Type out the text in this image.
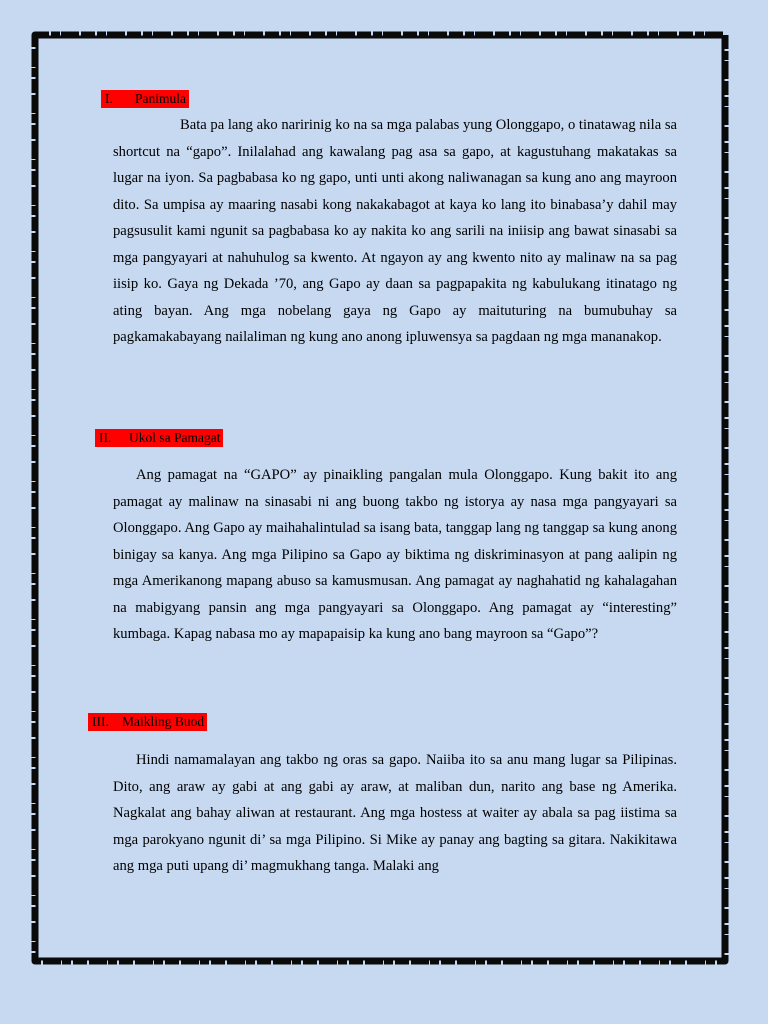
I. Panimula

Bata pa lang ako naririnig ko na sa mga palabas yung Olonggapo, o tinatawag nila sa shortcut na “gapo”. Inilalahad ang kawalang pag asa sa gapo, at kagustuhang makatakas sa lugar na iyon. Sa pagbabasa ko ng gapo, unti unti akong naliwanagan sa kung ano ang mayroon dito. Sa umpisa ay maaring nasabi kong nakakabagot at kaya ko lang ito binabasa’y dahil may pagsusulit kami ngunit sa pagbabasa ko ay nakita ko ang sarili na iniisip ang bawat sinasabi sa mga pangyayari at nahuhulog sa kwento. At ngayon ay ang kwento nito ay malinaw na sa pag iisip ko. Gaya ng Dekada ’70, ang Gapo ay daan sa pagpapakita ng kabulukang itinatago ng ating bayan. Ang mga nobelang gaya ng Gapo ay maituturing na bumubuhay sa pagkamakabayang nailaliman ng kung ano anong ipluwensya sa pagdaan ng mga mananakop.

II. Ukol sa Pamagat

Ang pamagat na “GAPO” ay pinaikling pangalan mula Olonggapo. Kung bakit ito ang pamagat ay malinaw na sinasabi ni ang buong takbo ng istorya ay nasa mga pangyayari sa Olonggapo. Ang Gapo ay maihahalintulad sa isang bata, tanggap lang ng tanggap sa kung anong binigay sa kanya. Ang mga Pilipino sa Gapo ay biktima ng diskriminasyon at pang aalipin ng mga Amerikanong mapang abuso sa kamusmusan. Ang pamagat ay naghahatid ng kahalagahan na mabigyang pansin ang mga pangyayari sa Olonggapo. Ang pamagat ay “interesting” kumbaga. Kapag nabasa mo ay mapapaisip ka kung ano bang mayroon sa “Gapo”?

III. Maikling Buod

Hindi namamalayan ang takbo ng oras sa gapo. Naiiba ito sa anu mang lugar sa Pilipinas. Dito, ang araw ay gabi at ang gabi ay araw, at maliban dun, narito ang base ng Amerika. Nagkalat ang bahay aliwan at restaurant. Ang mga hostess at waiter ay abala sa pag iistima sa mga parokyano ngunit di’ sa mga Pilipino. Si Mike ay panay ang bagting sa gitara. Nakikitawa ang mga puti upang di’ magmukhang tanga. Malaki ang
